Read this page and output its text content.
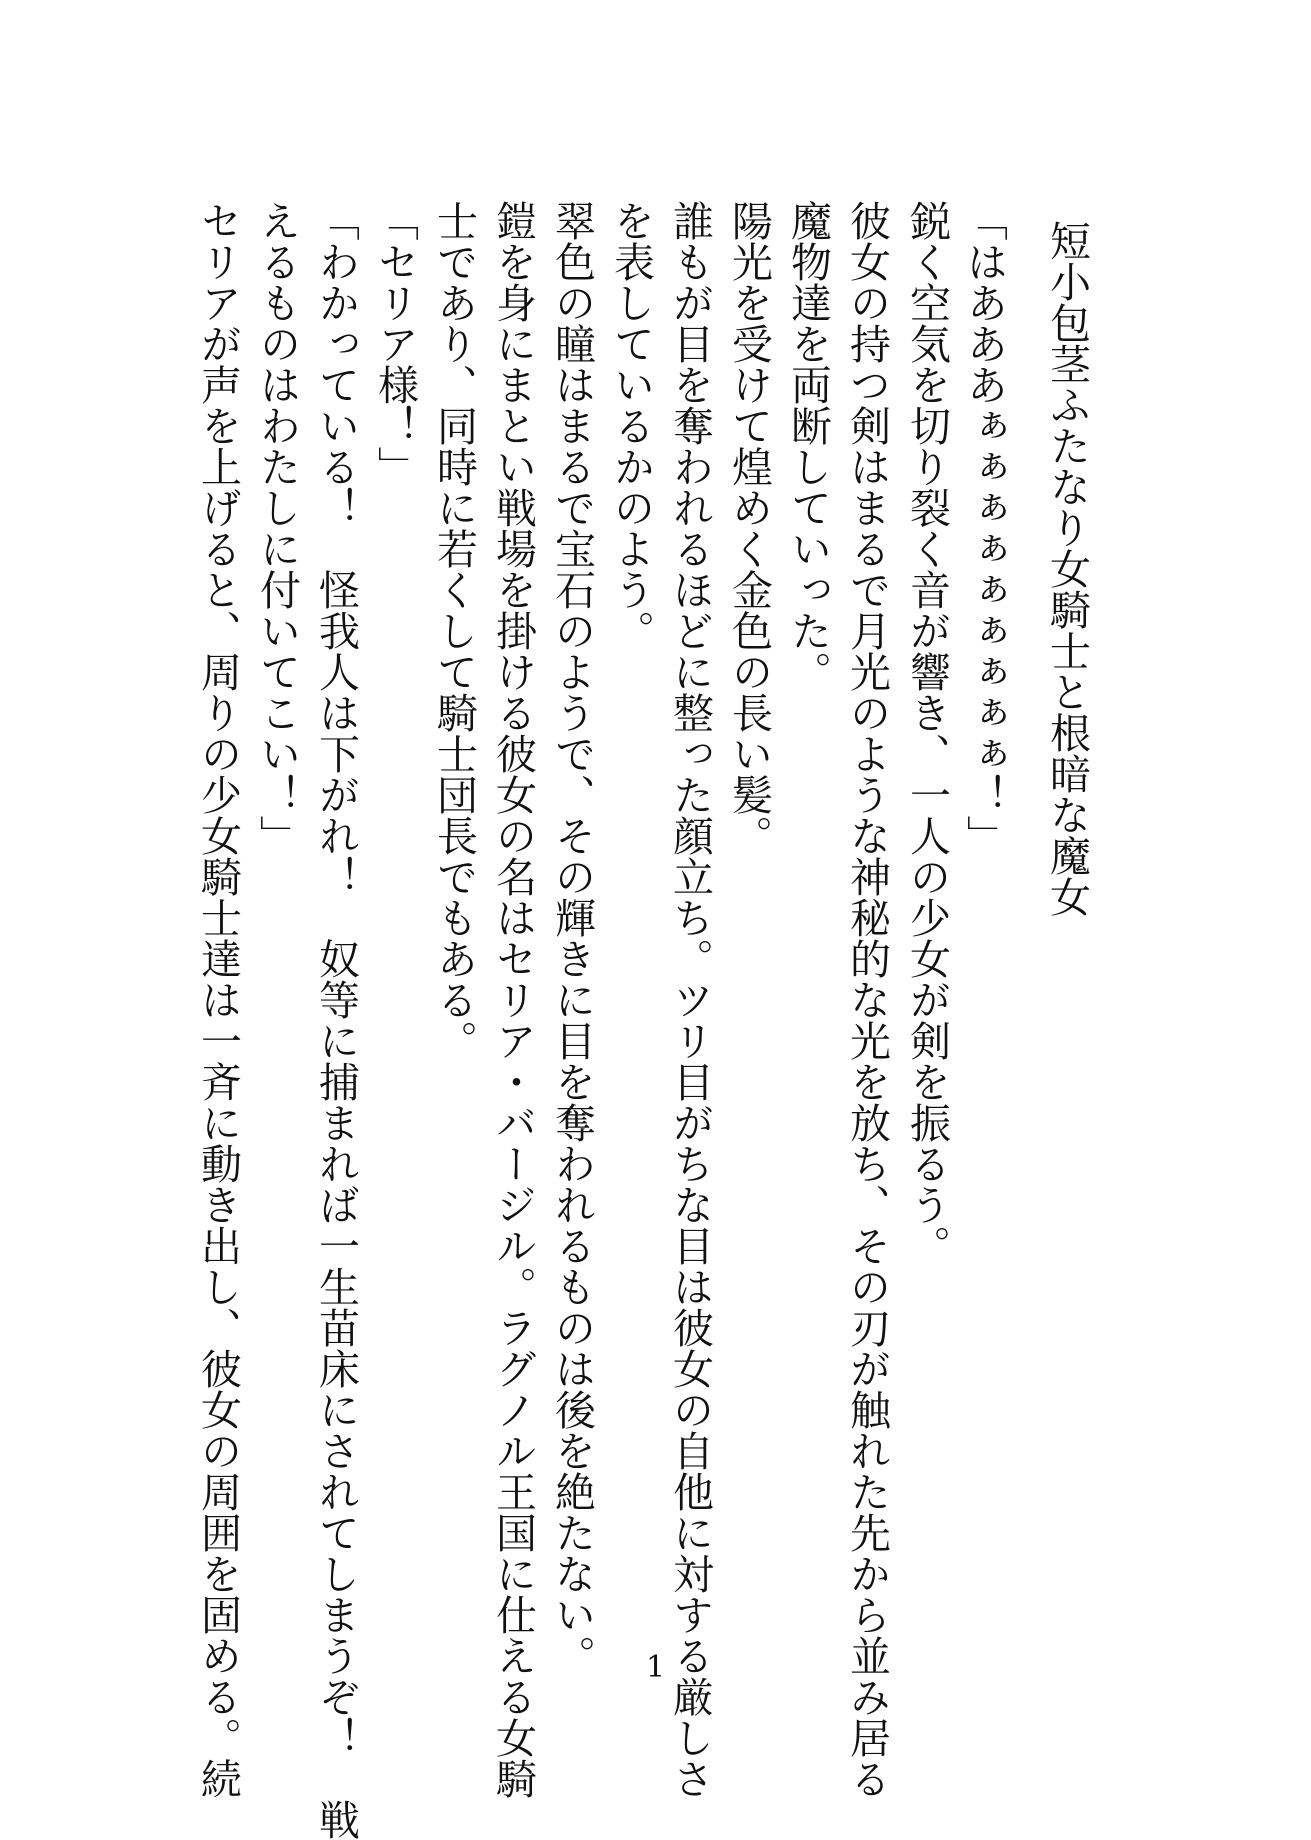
短小包茎ふたなり女騎士と根暗な魔女
「はあああぁぁぁぁぁぁぁぁぁ！」
鋭く空気を切り裂く音が響き、一人の少女が剣を振るう。
彼女の持つ剣はまるで月光のような神秘的な光を放ち、その刃が触れた先から並み居る
魔物達を両断していった。
陽光を受けて煌めく金色の長い髪。
誰もが目を奪われるほどに整った顔立ち。ツリ目がちな目は彼女の自他に対する厳しさ
を表しているかのよう。
翠色の瞳はまるで宝石のようで、その輝きに目を奪われるものは後を絶たない。
鎧を身にまとい戦場を掛ける彼女の名はセリア・バージル。ラグノル王国に仕える女騎
士であり、同時に若くして騎士団長でもある。
「セリア様！」
「わかっている！　怪我人は下がれ！　奴等に捕まれば一生苗床にされてしまうぞ！　戦
えるものはわたしに付いてこい！」
セリアが声を上げると、周りの少女騎士達は一斉に動き出し、彼女の周囲を固める。続	1
